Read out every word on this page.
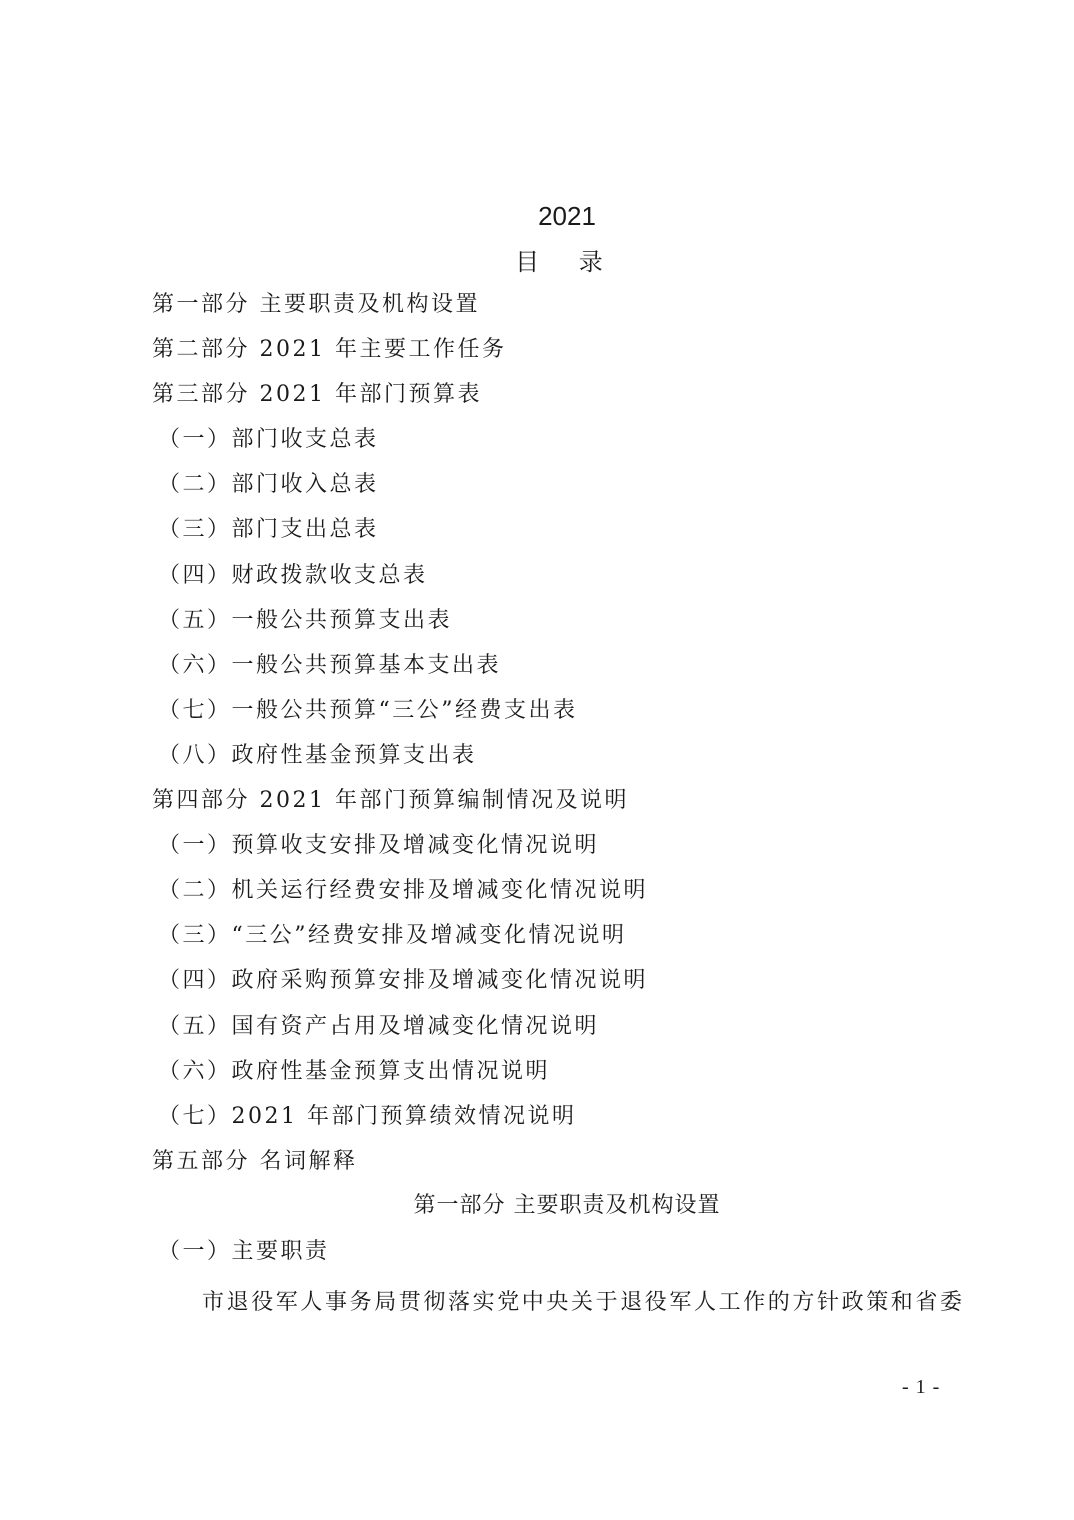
2021
目 录
第一部分 主要职责及机构设置
第二部分 2021 年主要工作任务
第三部分 2021 年部门预算表
（一）部门收支总表
（二）部门收入总表
（三）部门支出总表
（四）财政拨款收支总表
（五）一般公共预算支出表
（六）一般公共预算基本支出表
（七）一般公共预算“三公”经费支出表
（八）政府性基金预算支出表
第四部分 2021 年部门预算编制情况及说明
（一）预算收支安排及增减变化情况说明
（二）机关运行经费安排及增减变化情况说明
（三）“三公”经费安排及增减变化情况说明
（四）政府采购预算安排及增减变化情况说明
（五）国有资产占用及增减变化情况说明
（六）政府性基金预算支出情况说明
（七）2021 年部门预算绩效情况说明
第五部分 名词解释
第一部分 主要职责及机构设置
（一）主要职责
市退役军人事务局贯彻落实党中央关于退役军人工作的方针政策和省委
- 1 -
